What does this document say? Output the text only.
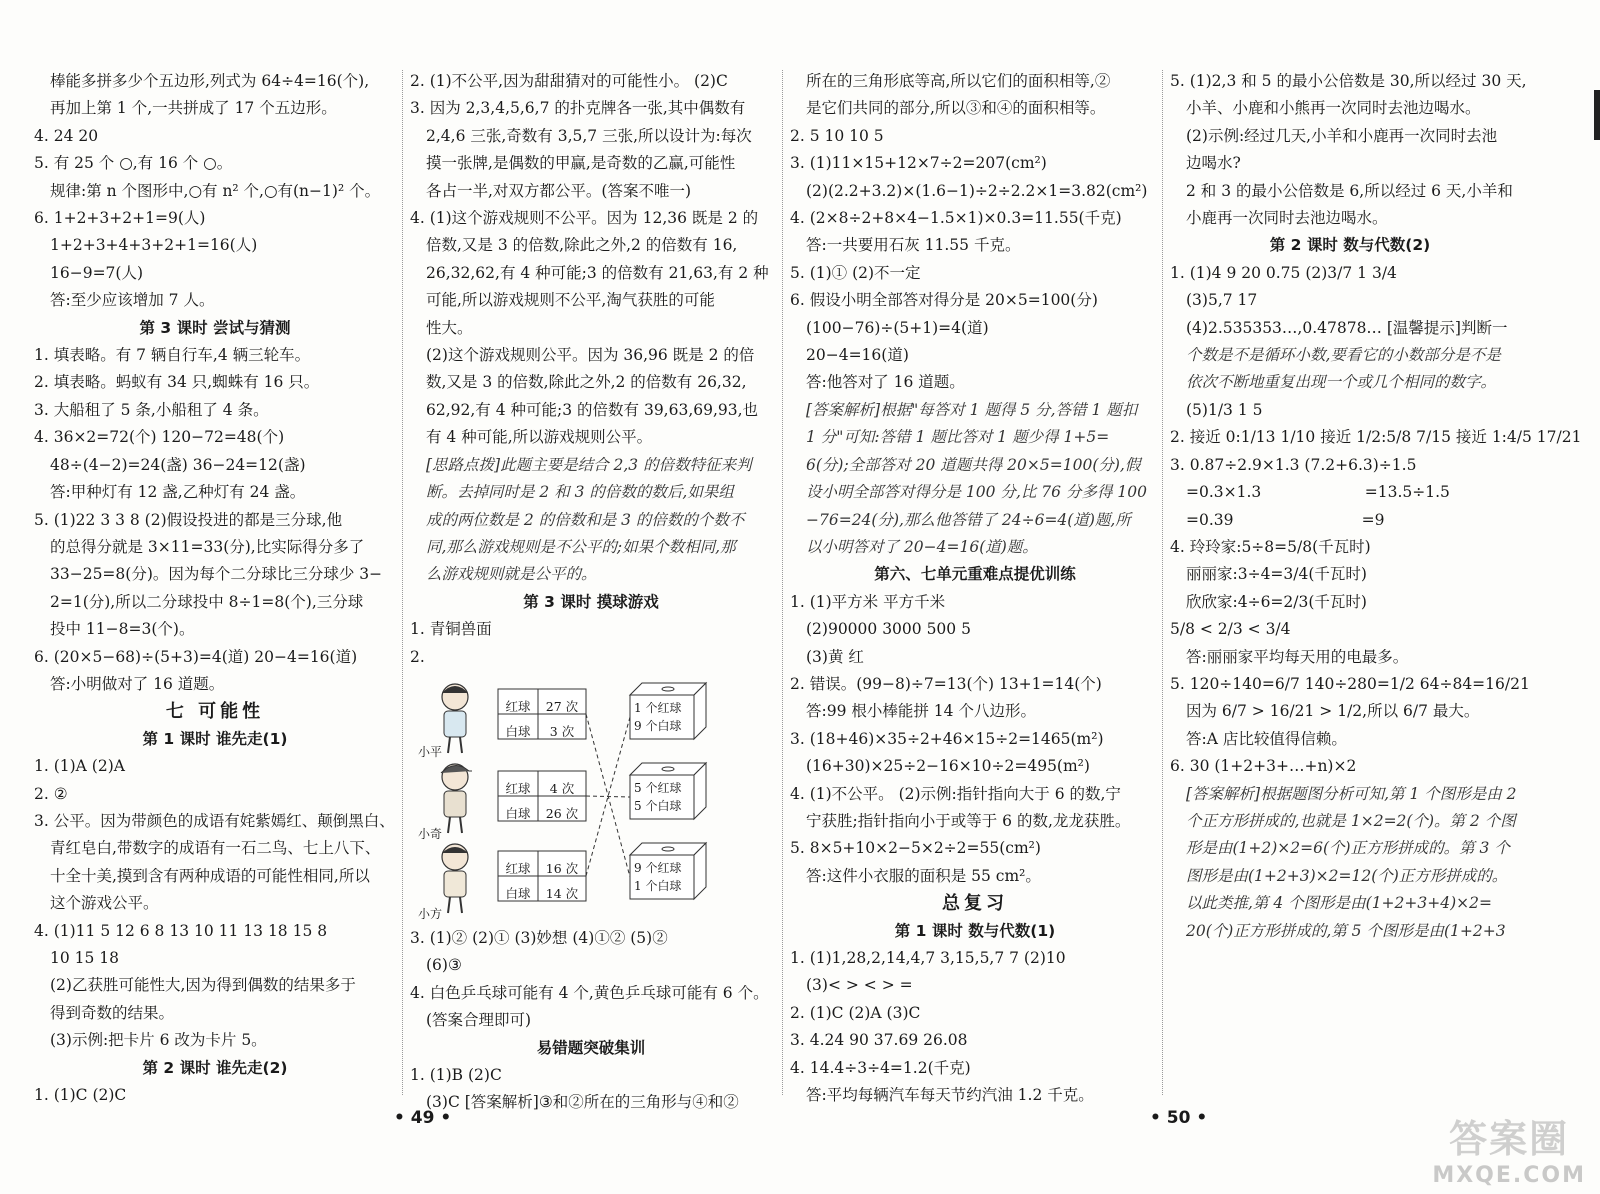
棒能多拼多少个五边形,列式为 64÷4=16(个),
再加上第 1 个,一共拼成了 17 个五边形。
4. 24 20
5. 有 25 个 ○,有 16 个 ○。
规律:第 n 个图形中,○有 n² 个,○有(n−1)² 个。
6. 1+2+3+2+1=9(人)
1+2+3+4+3+2+1=16(人)
16−9=7(人)
答:至少应该增加 7 人。
第 3 课时 尝试与猜测
1. 填表略。有 7 辆自行车,4 辆三轮车。
2. 填表略。蚂蚁有 34 只,蜘蛛有 16 只。
3. 大船租了 5 条,小船租了 4 条。
4. 36×2=72(个) 120−72=48(个)
48÷(4−2)=24(盏) 36−24=12(盏)
答:甲种灯有 12 盏,乙种灯有 24 盏。
5. (1)22 3 3 8 (2)假设投进的都是三分球,他
的总得分就是 3×11=33(分),比实际得分多了
33−25=8(分)。因为每个二分球比三分球少 3−
2=1(分),所以二分球投中 8÷1=8(个),三分球
投中 11−8=3(个)。
6. (20×5−68)÷(5+3)=4(道) 20−4=16(道)
答:小明做对了 16 道题。
七 可能性
第 1 课时 谁先走(1)
1. (1)A (2)A
2. ②
3. 公平。因为带颜色的成语有姹紫嫣红、颠倒黑白、
青红皂白,带数字的成语有一石二鸟、七上八下、
十全十美,摸到含有两种成语的可能性相同,所以
这个游戏公平。
4. (1)11 5 12 6 8 13 10 11 13 18 15 8
10 15 18
(2)乙获胜可能性大,因为得到偶数的结果多于
得到奇数的结果。
(3)示例:把卡片 6 改为卡片 5。
第 2 课时 谁先走(2)
1. (1)C (2)C
2. (1)不公平,因为甜甜猜对的可能性小。 (2)C
3. 因为 2,3,4,5,6,7 的扑克牌各一张,其中偶数有
2,4,6 三张,奇数有 3,5,7 三张,所以设计为:每次
摸一张牌,是偶数的甲赢,是奇数的乙赢,可能性
各占一半,对双方都公平。(答案不唯一)
4. (1)这个游戏规则不公平。因为 12,36 既是 2 的
倍数,又是 3 的倍数,除此之外,2 的倍数有 16,
26,32,62,有 4 种可能;3 的倍数有 21,63,有 2 种
可能,所以游戏规则不公平,淘气获胜的可能
性大。
(2)这个游戏规则公平。因为 36,96 既是 2 的倍
数,又是 3 的倍数,除此之外,2 的倍数有 26,32,
62,92,有 4 种可能;3 的倍数有 39,63,69,93,也
有 4 种可能,所以游戏规则公平。
[思路点拨]此题主要是结合 2,3 的倍数特征来判
断。去掉同时是 2 和 3 的倍数的数后,如果组
成的两位数是 2 的倍数和是 3 的倍数的个数不
同,那么游戏规则是不公平的;如果个数相同,那
么游戏规则就是公平的。
第 3 课时 摸球游戏
1. 青铜兽面
2.
小平
小奇
小方
红球	27 次
白球	3 次
红球	4 次
白球	26 次
红球	16 次
白球	14 次
1 个红球
9 个白球
5 个红球
5 个白球
9 个红球
1 个白球
3. (1)② (2)① (3)妙想 (4)①② (5)②
(6)③
4. 白色乒乓球可能有 4 个,黄色乒乓球可能有 6 个。
(答案合理即可)
易错题突破集训
1. (1)B (2)C
(3)C [答案解析]③和②所在的三角形与④和②
所在的三角形底等高,所以它们的面积相等,②
是它们共同的部分,所以③和④的面积相等。
2. 5 10 10 5
3. (1)11×15+12×7÷2=207(cm²)
(2)(2.2+3.2)×(1.6−1)÷2÷2.2×1=3.82(cm²)
4. (2×8÷2+8×4−1.5×1)×0.3=11.55(千克)
答:一共要用石灰 11.55 千克。
5. (1)① (2)不一定
6. 假设小明全部答对得分是 20×5=100(分)
(100−76)÷(5+1)=4(道)
20−4=16(道)
答:他答对了 16 道题。
[答案解析]根据"每答对 1 题得 5 分,答错 1 题扣
1 分"可知:答错 1 题比答对 1 题少得 1+5=
6(分);全部答对 20 道题共得 20×5=100(分),假
设小明全部答对得分是 100 分,比 76 分多得 100
−76=24(分),那么他答错了 24÷6=4(道)题,所
以小明答对了 20−4=16(道)题。
第六、七单元重难点提优训练
1. (1)平方米 平方千米
(2)90000 3000 500 5
(3)黄 红
2. 错误。(99−8)÷7=13(个) 13+1=14(个)
答:99 根小棒能拼 14 个八边形。
3. (18+46)×35÷2+46×15÷2=1465(m²)
(16+30)×25÷2−16×10÷2=495(m²)
4. (1)不公平。 (2)示例:指针指向大于 6 的数,宁
宁获胜;指针指向小于或等于 6 的数,龙龙获胜。
5. 8×5+10×2−5×2÷2=55(cm²)
答:这件小衣服的面积是 55 cm²。
总复习
第 1 课时 数与代数(1)
1. (1)1,28,2,14,4,7 3,15,5,7 7 (2)10
(3)< > < > =
2. (1)C (2)A (3)C
3. 4.24 90 37.69 26.08
4. 14.4÷3÷4=1.2(千克)
答:平均每辆汽车每天节约汽油 1.2 千克。
5. (1)2,3 和 5 的最小公倍数是 30,所以经过 30 天,
小羊、小鹿和小熊再一次同时去池边喝水。
(2)示例:经过几天,小羊和小鹿再一次同时去池
边喝水?
2 和 3 的最小公倍数是 6,所以经过 6 天,小羊和
小鹿再一次同时去池边喝水。
第 2 课时 数与代数(2)
1. (1)4 9 20 0.75 (2)3/7 1 3/4
(3)5,7 17
(4)2.535353…,0.47878… [温馨提示]判断一
个数是不是循环小数,要看它的小数部分是不是
依次不断地重复出现一个或几个相同的数字。
(5)1/3 1 5
2. 接近 0:1/13 1/10 接近 1/2:5/8 7/15 接近 1:4/5 17/21
3. 0.87÷2.9×1.3 (7.2+6.3)÷1.5
=0.3×1.3                     =13.5÷1.5
=0.39                          =9
4. 玲玲家:5÷8=5/8(千瓦时)
丽丽家:3÷4=3/4(千瓦时)
欣欣家:4÷6=2/3(千瓦时)
5/8 < 2/3 < 3/4
答:丽丽家平均每天用的电最多。
5. 120÷140=6/7 140÷280=1/2 64÷84=16/21
因为 6/7 > 16/21 > 1/2,所以 6/7 最大。
答:A 店比较值得信赖。
6. 30 (1+2+3+…+n)×2
[答案解析]根据题图分析可知,第 1 个图形是由 2
个正方形拼成的,也就是 1×2=2(个)。第 2 个图
形是由(1+2)×2=6(个)正方形拼成的。第 3 个
图形是由(1+2+3)×2=12(个)正方形拼成的。
以此类推,第 4 个图形是由(1+2+3+4)×2=
20(个)正方形拼成的,第 5 个图形是由(1+2+3
• 49 •	• 50 •	答案圈
MXQE.COM
